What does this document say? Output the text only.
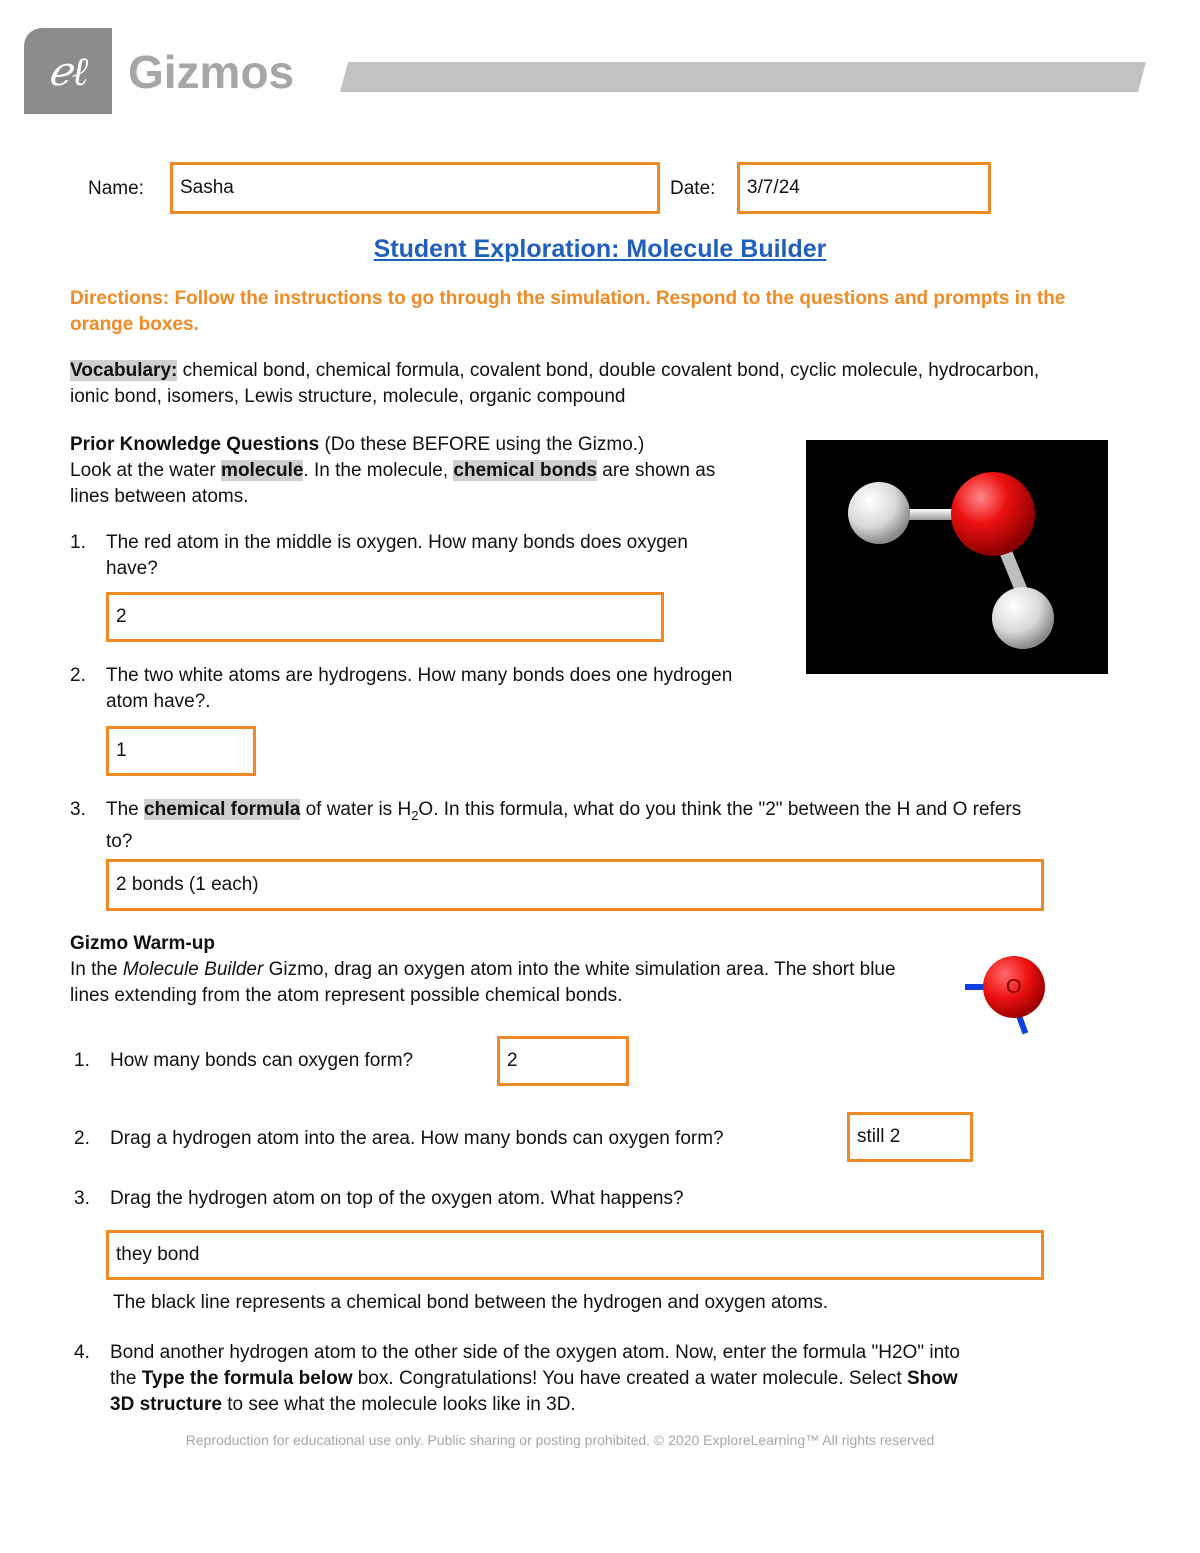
ℯℓ Gizmos
Name: Sasha	Date: 3/7/24
Student Exploration: Molecule Builder
Directions: Follow the instructions to go through the simulation. Respond to the questions and prompts in the orange boxes.
Vocabulary: chemical bond, chemical formula, covalent bond, double covalent bond, cyclic molecule, hydrocarbon, ionic bond, isomers, Lewis structure, molecule, organic compound
Prior Knowledge Questions (Do these BEFORE using the Gizmo.)
Look at the water molecule. In the molecule, chemical bonds are shown as lines between atoms.
1.	The red atom in the middle is oxygen. How many bonds does oxygen have?
2
2.	The two white atoms are hydrogens. How many bonds does one hydrogen atom have?.
1
3.	The chemical formula of water is $H_2O$. In this formula, what do you think the "2" between the H and O refers to?
2 bonds (1 each)
Gizmo Warm-up
In the Molecule Builder Gizmo, drag an oxygen atom into the white simulation area. The short blue lines extending from the atom represent possible chemical bonds.	O
1.	How many bonds can oxygen form?	2
2.	Drag a hydrogen atom into the area. How many bonds can oxygen form?	still 2
3.	Drag the hydrogen atom on top of the oxygen atom. What happens?
they bond
The black line represents a chemical bond between the hydrogen and oxygen atoms.
4.	Bond another hydrogen atom to the other side of the oxygen atom. Now, enter the formula "H2O" into the Type the formula below box. Congratulations! You have created a water molecule. Select Show 3D structure to see what the molecule looks like in 3D.
Reproduction for educational use only. Public sharing or posting prohibited. © 2020 ExploreLearning™ All rights reserved
